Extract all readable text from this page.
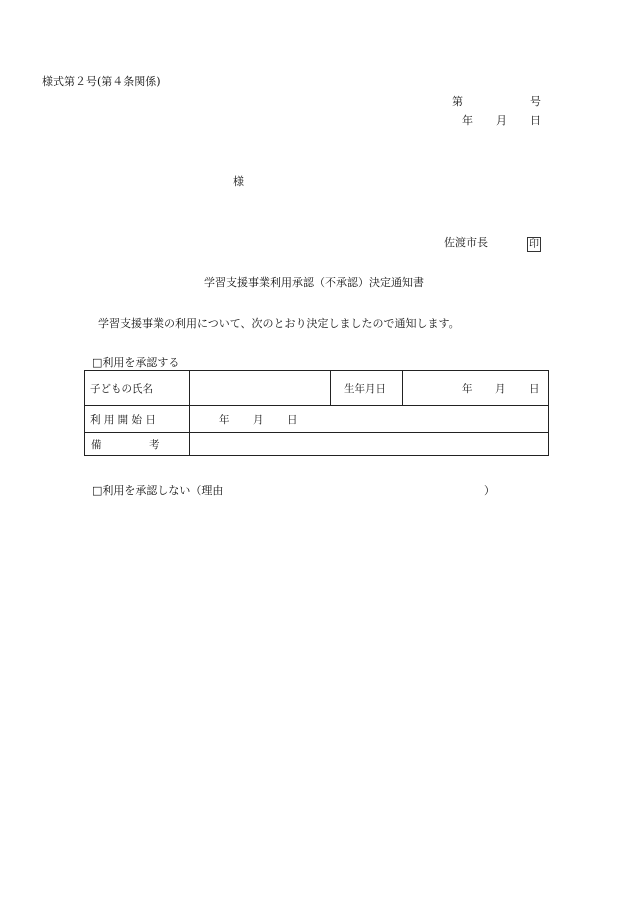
様式第２号(第４条関係)
第	号
年 月 日
様
佐渡市長	印
学習支援事業利用承認（不承認）決定通知書
学習支援事業の利用について、次のとおり決定しましたので通知します。
□利用を承認する
子どもの氏名		生年月日	年 月 日

利 用 開 始 日	年 月 日		

備 考			

□利用を承認しない（理由	）
